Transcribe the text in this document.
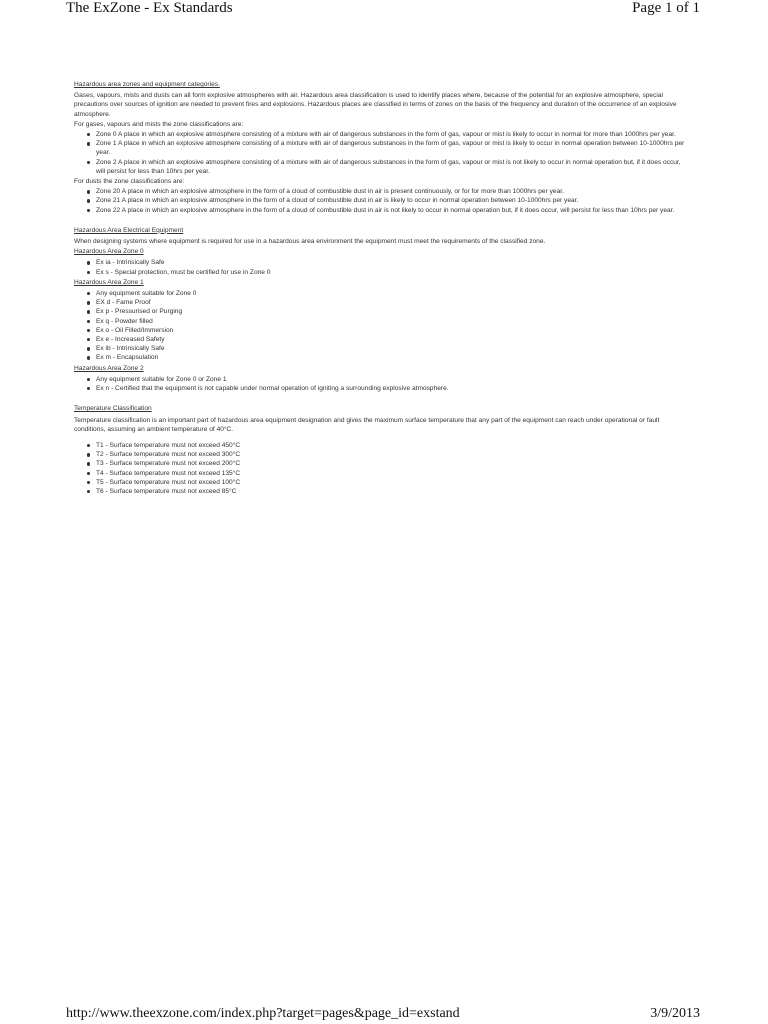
The ExZone - Ex Standards	Page 1 of 1
Hazardous area zones and equipment categories.

Gases, vapours, mists and dusts can all form explosive atmospheres with air. Hazardous area classification is used to identify places where, because of the potential for an explosive atmosphere, special precautions over sources of ignition are needed to prevent fires and explosions. Hazardous places are classified in terms of zones on the basis of the frequency and duration of the occurrence of an explosive atmosphere.

For gases, vapours and mists the zone classifications are:

Zone 0 A place in which an explosive atmosphere consisting of a mixture with air of dangerous substances in the form of gas, vapour or mist is likely to occur in normal for more than 1000hrs per year.
Zone 1 A place in which an explosive atmosphere consisting of a mixture with air of dangerous substances in the form of gas, vapour or mist is likely to occur in normal operation between 10-1000hrs per year.
Zone 2 A place in which an explosive atmosphere consisting of a mixture with air of dangerous substances in the form of gas, vapour or mist is not likely to occur in normal operation but, if it does occur, will persist for less than 10hrs per year.

For dusts the zone classifications are:

Zone 20 A place in which an explosive atmosphere in the form of a cloud of combustible dust in air is present continuously, or for for more than 1000hrs per year.
Zone 21 A place in which an explosive atmosphere in the form of a cloud of combustible dust in air is likely to occur in normal operation between 10-1000hrs per year.
Zone 22 A place in which an explosive atmosphere in the form of a cloud of combustible dust in air is not likely to occur in normal operation but, if it does occur, will persist for less than 10hrs per year.
Hazardous Area Electrical Equipment

When designing systems where equipment is required for use in a hazardous area environment the equipment must meet the requirements of the classified zone.

Hazardous Area Zone 0
Ex ia - Intrinsically Safe
Ex s - Special protection, must be certified for use in Zone 0
Hazardous Area Zone 1
Any equipment suitable for Zone 0
EX d - Fame Proof
Ex p - Pressurised or Purging
Ex q - Powder filled
Ex o - Oil Filled/Immersion
Ex e - Increased Safety
Ex ib - Intrinsically Safe
Ex m - Encapsulation
Hazardous Area Zone 2
Any equipment suitable for Zone 0 or Zone 1
Ex n - Certified that the equipment is not capable under normal operation of igniting a surrounding explosive atmosphere.
Temperature Classification

Temperature classification is an important part of hazardous area equipment designation and gives the maximum surface temperature that any part of the equipment can reach under operational or fault conditions, assuming an ambient temperature of 40°C.

T1 - Surface temperature must not exceed 450°C
T2 - Surface temperature must not exceed 300°C
T3 - Surface temperature must not exceed 200°C
T4 - Surface temperature must not exceed 135°C
T5 - Surface temperature must not exceed 100°C
T6 - Surface temperature must not exceed 85°C
http://www.theexzone.com/index.php?target=pages&page_id=exstand	3/9/2013
